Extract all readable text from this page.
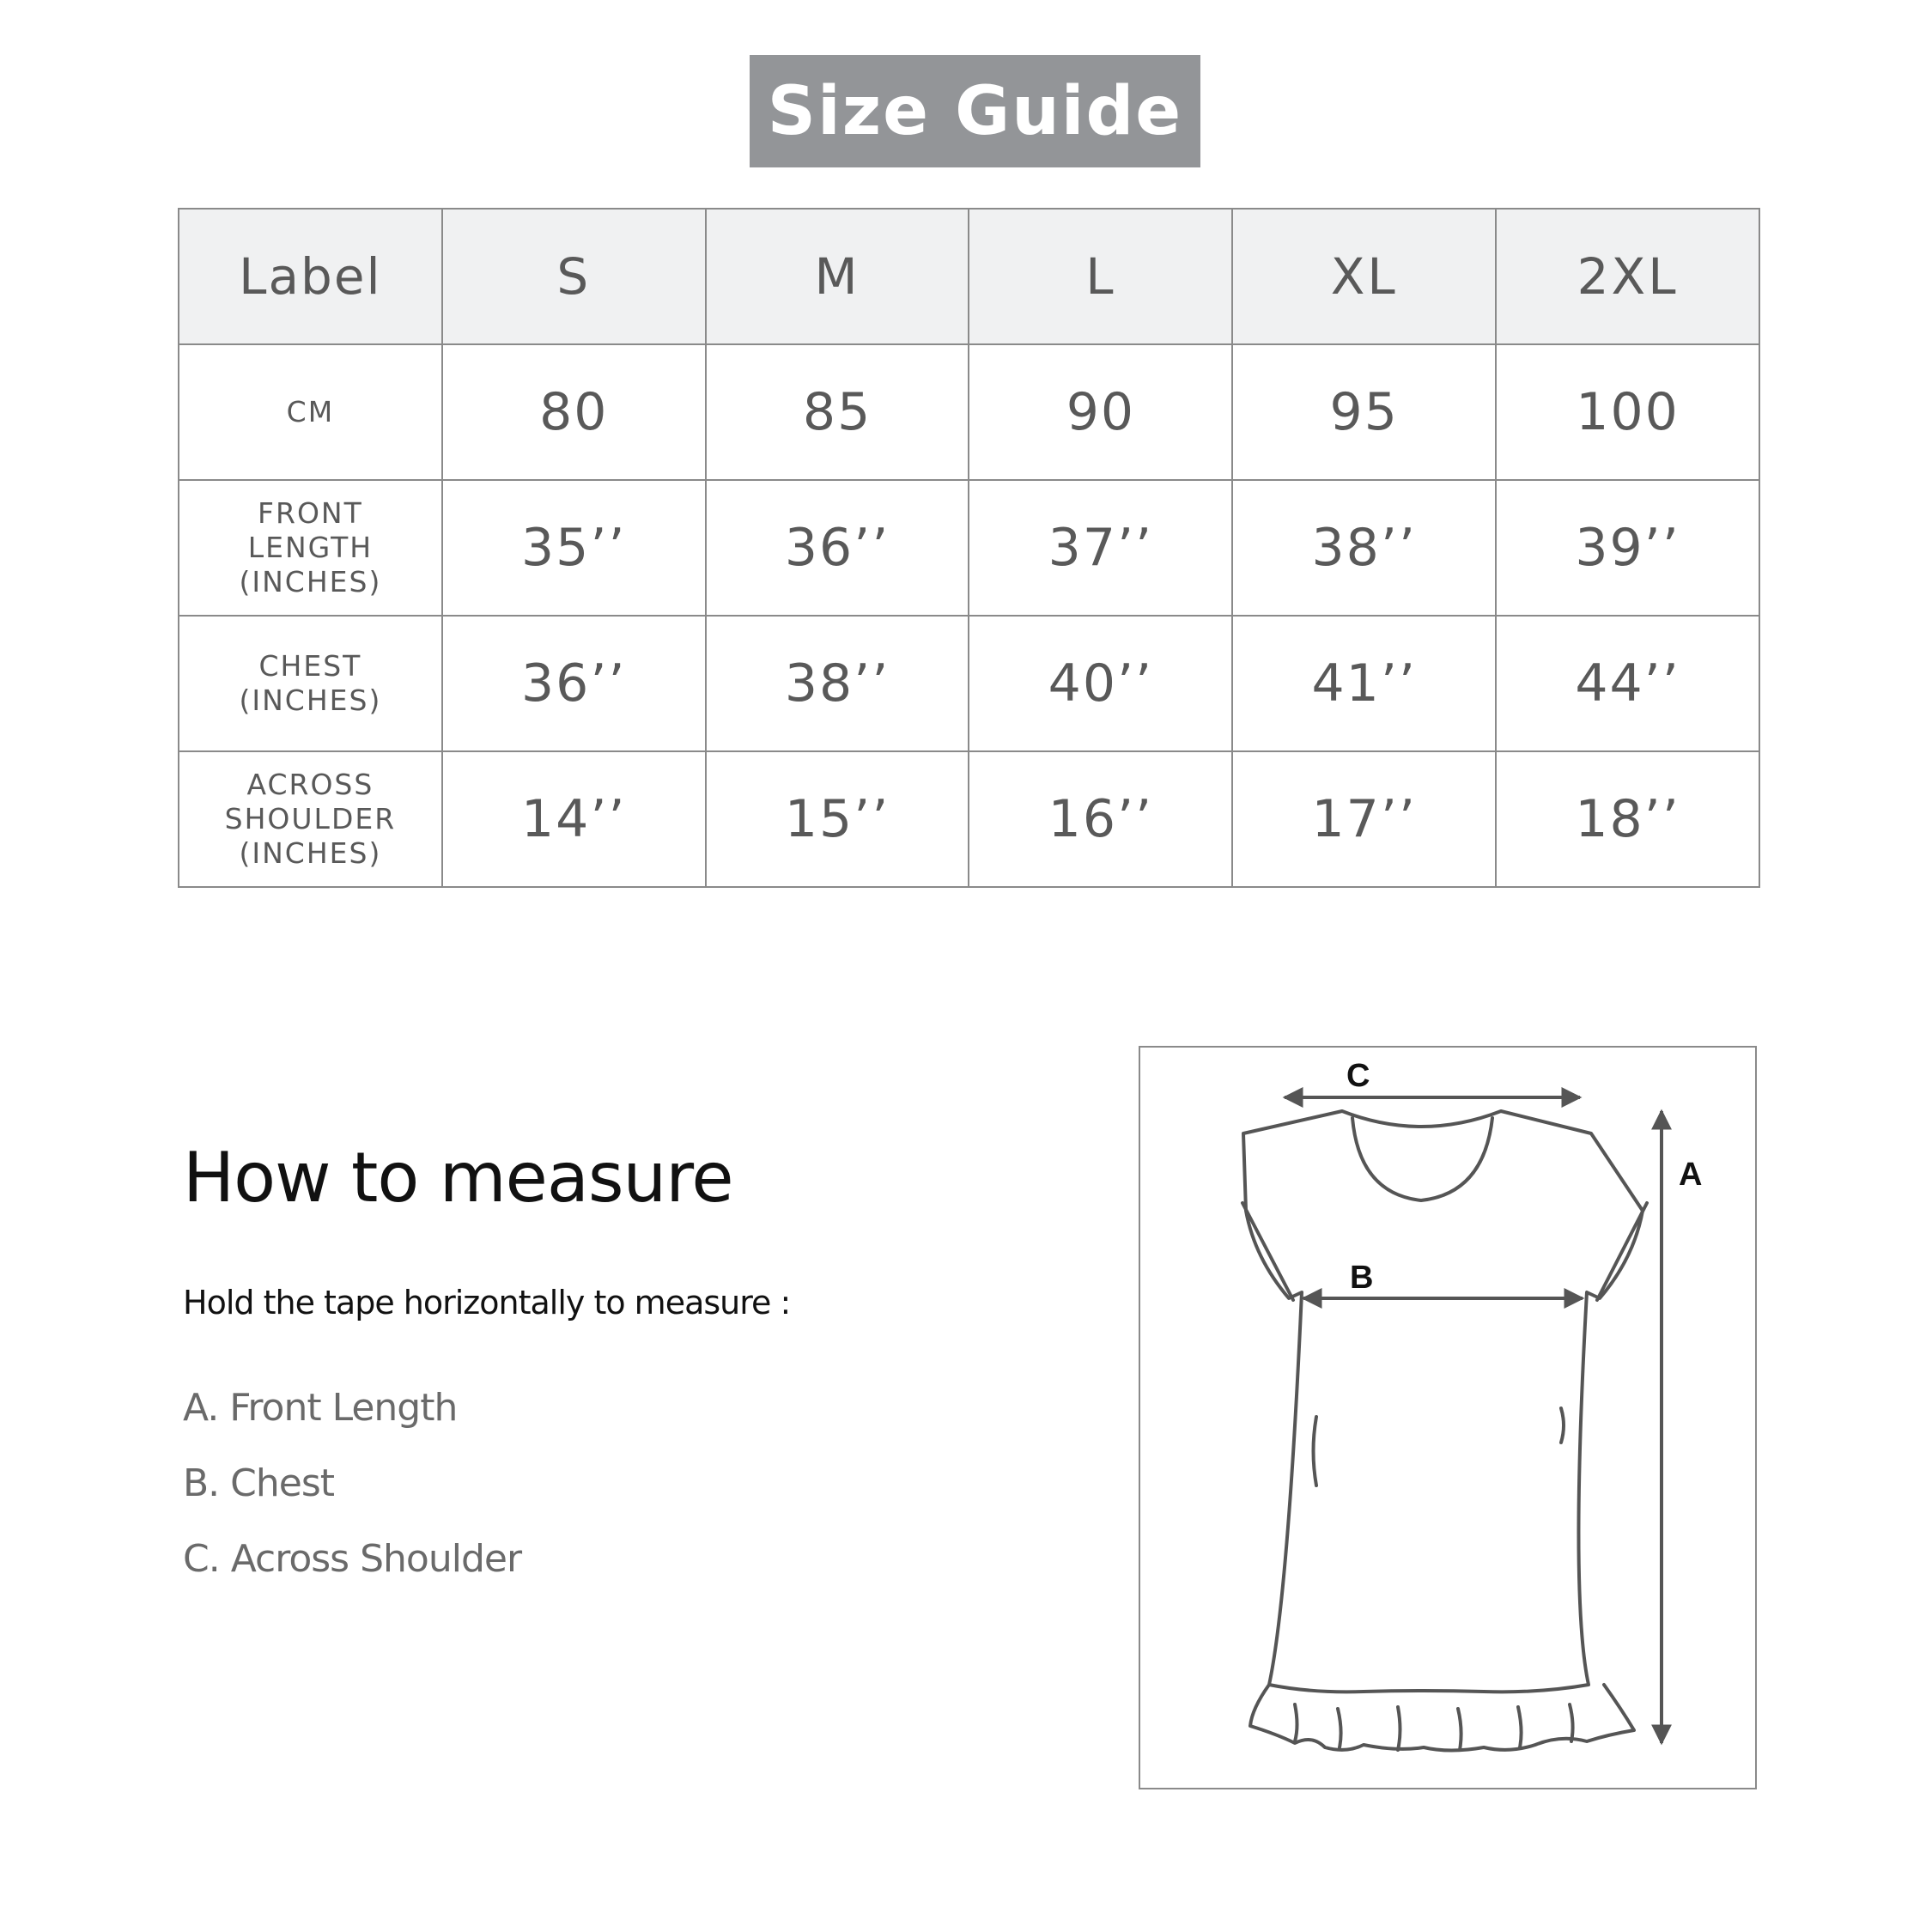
Size Guide
Label	S	M	L	XL	2XL
CM	80	85	90	95	100
FRONT
LENGTH
(INCHES)	35’’	36’’	37’’	38’’	39’’
CHEST
(INCHES)	36’’	38’’	40’’	41’’	44’’
ACROSS
SHOULDER
(INCHES)	14’’	15’’	16’’	17’’	18’’
How to measure
Hold the tape horizontally to measure :
A. Front Length
B. Chest
C. Across Shoulder
C
B
A
